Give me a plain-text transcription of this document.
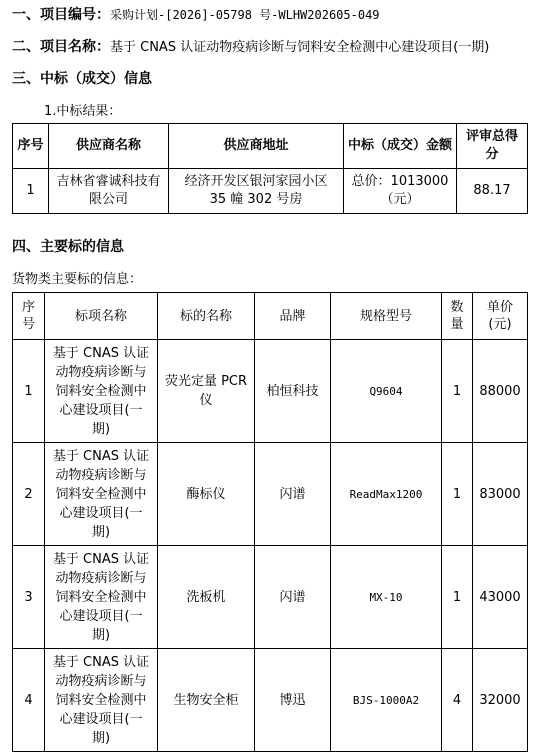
一、项目编号：采购计划-[2026]-05798 号-WLHW202605-049
二、项目名称：基于 CNAS 认证动物疫病诊断与饲料安全检测中心建设项目(一期)
三、中标（成交）信息
1.中标结果：
序号	供应商名称	供应商地址	中标（成交）金额	评审总得分
1	吉林省睿诚科技有限公司	经济开发区银河家园小区 35 幢 302 号房	总价：1013000（元）	88.17
四、主要标的信息
货物类主要标的信息：
序号	标项名称	标的名称	品牌	规格型号	数量	单价(元)
1	基于 CNAS 认证动物疫病诊断与饲料安全检测中心建设项目(一期)	荧光定量 PCR 仪	柏恒科技	Q9604	1	88000
2	基于 CNAS 认证动物疫病诊断与饲料安全检测中心建设项目(一期)	酶标仪	闪谱	ReadMax1200	1	83000
3	基于 CNAS 认证动物疫病诊断与饲料安全检测中心建设项目(一期)	洗板机	闪谱	MX-10	1	43000
4	基于 CNAS 认证动物疫病诊断与饲料安全检测中心建设项目(一期)	生物安全柜	博迅	BJS-1000A2	4	32000
